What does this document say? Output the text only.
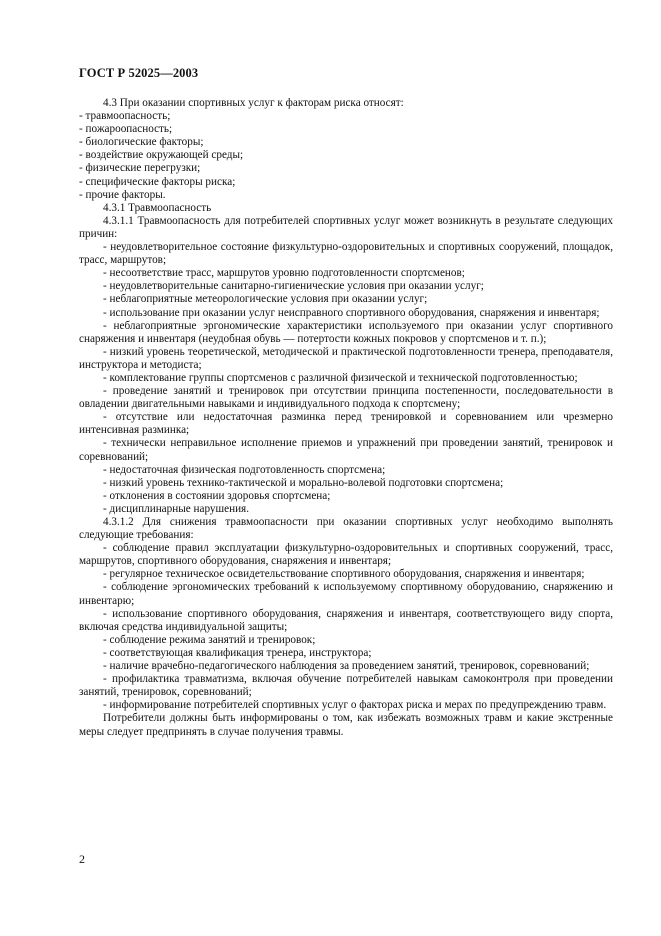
ГОСТ Р 52025—2003

4.3 При оказании спортивных услуг к факторам риска относят:

- травмоопасность;

- пожароопасность;

- биологические факторы;

- воздействие окружающей среды;

- физические перегрузки;

- специфические факторы риска;

- прочие факторы.

4.3.1 Травмоопасность

4.3.1.1 Травмоопасность для потребителей спортивных услуг может возникнуть в результате следующих причин:

- неудовлетворительное состояние физкультурно-оздоровительных и спортивных сооружений, площадок, трасс, маршрутов;

- несоответствие трасс, маршрутов уровню подготовленности спортсменов;

- неудовлетворительные санитарно-гигиенические условия при оказании услуг;

- неблагоприятные метеорологические условия при оказании услуг;

- использование при оказании услуг неисправного спортивного оборудования, снаряжения и инвентаря;

- неблагоприятные эргономические характеристики используемого при оказании услуг спортивного снаряжения и инвентаря (неудобная обувь — потертости кожных покровов у спортсменов и т. п.);

- низкий уровень теоретической, методической и практической подготовленности тренера, преподавателя, инструктора и методиста;

- комплектование группы спортсменов с различной физической и технической подготовленностью;

- проведение занятий и тренировок при отсутствии принципа постепенности, последовательности в овладении двигательными навыками и индивидуального подхода к спортсмену;

- отсутствие или недостаточная разминка перед тренировкой и соревнованием или чрезмерно интенсивная разминка;

- технически неправильное исполнение приемов и упражнений при проведении занятий, тренировок и соревнований;

- недостаточная физическая подготовленность спортсмена;

- низкий уровень технико-тактической и морально-волевой подготовки спортсмена;

- отклонения в состоянии здоровья спортсмена;

- дисциплинарные нарушения.

4.3.1.2 Для снижения травмоопасности при оказании спортивных услуг необходимо выполнять следующие требования:

- соблюдение правил эксплуатации физкультурно-оздоровительных и спортивных сооружений, трасс, маршрутов, спортивного оборудования, снаряжения и инвентаря;

- регулярное техническое освидетельствование спортивного оборудования, снаряжения и инвентаря;

- соблюдение эргономических требований к используемому спортивному оборудованию, снаряжению и инвентарю;

- использование спортивного оборудования, снаряжения и инвентаря, соответствующего виду спорта, включая средства индивидуальной защиты;

- соблюдение режима занятий и тренировок;

- соответствующая квалификация тренера, инструктора;

- наличие врачебно-педагогического наблюдения за проведением занятий, тренировок, соревнований;

- профилактика травматизма, включая обучение потребителей навыкам самоконтроля при проведении занятий, тренировок, соревнований;

- информирование потребителей спортивных услуг о факторах риска и мерах по предупреждению травм.

Потребители должны быть информированы о том, как избежать возможных травм и какие экстренные меры следует предпринять в случае получения травмы.

2
